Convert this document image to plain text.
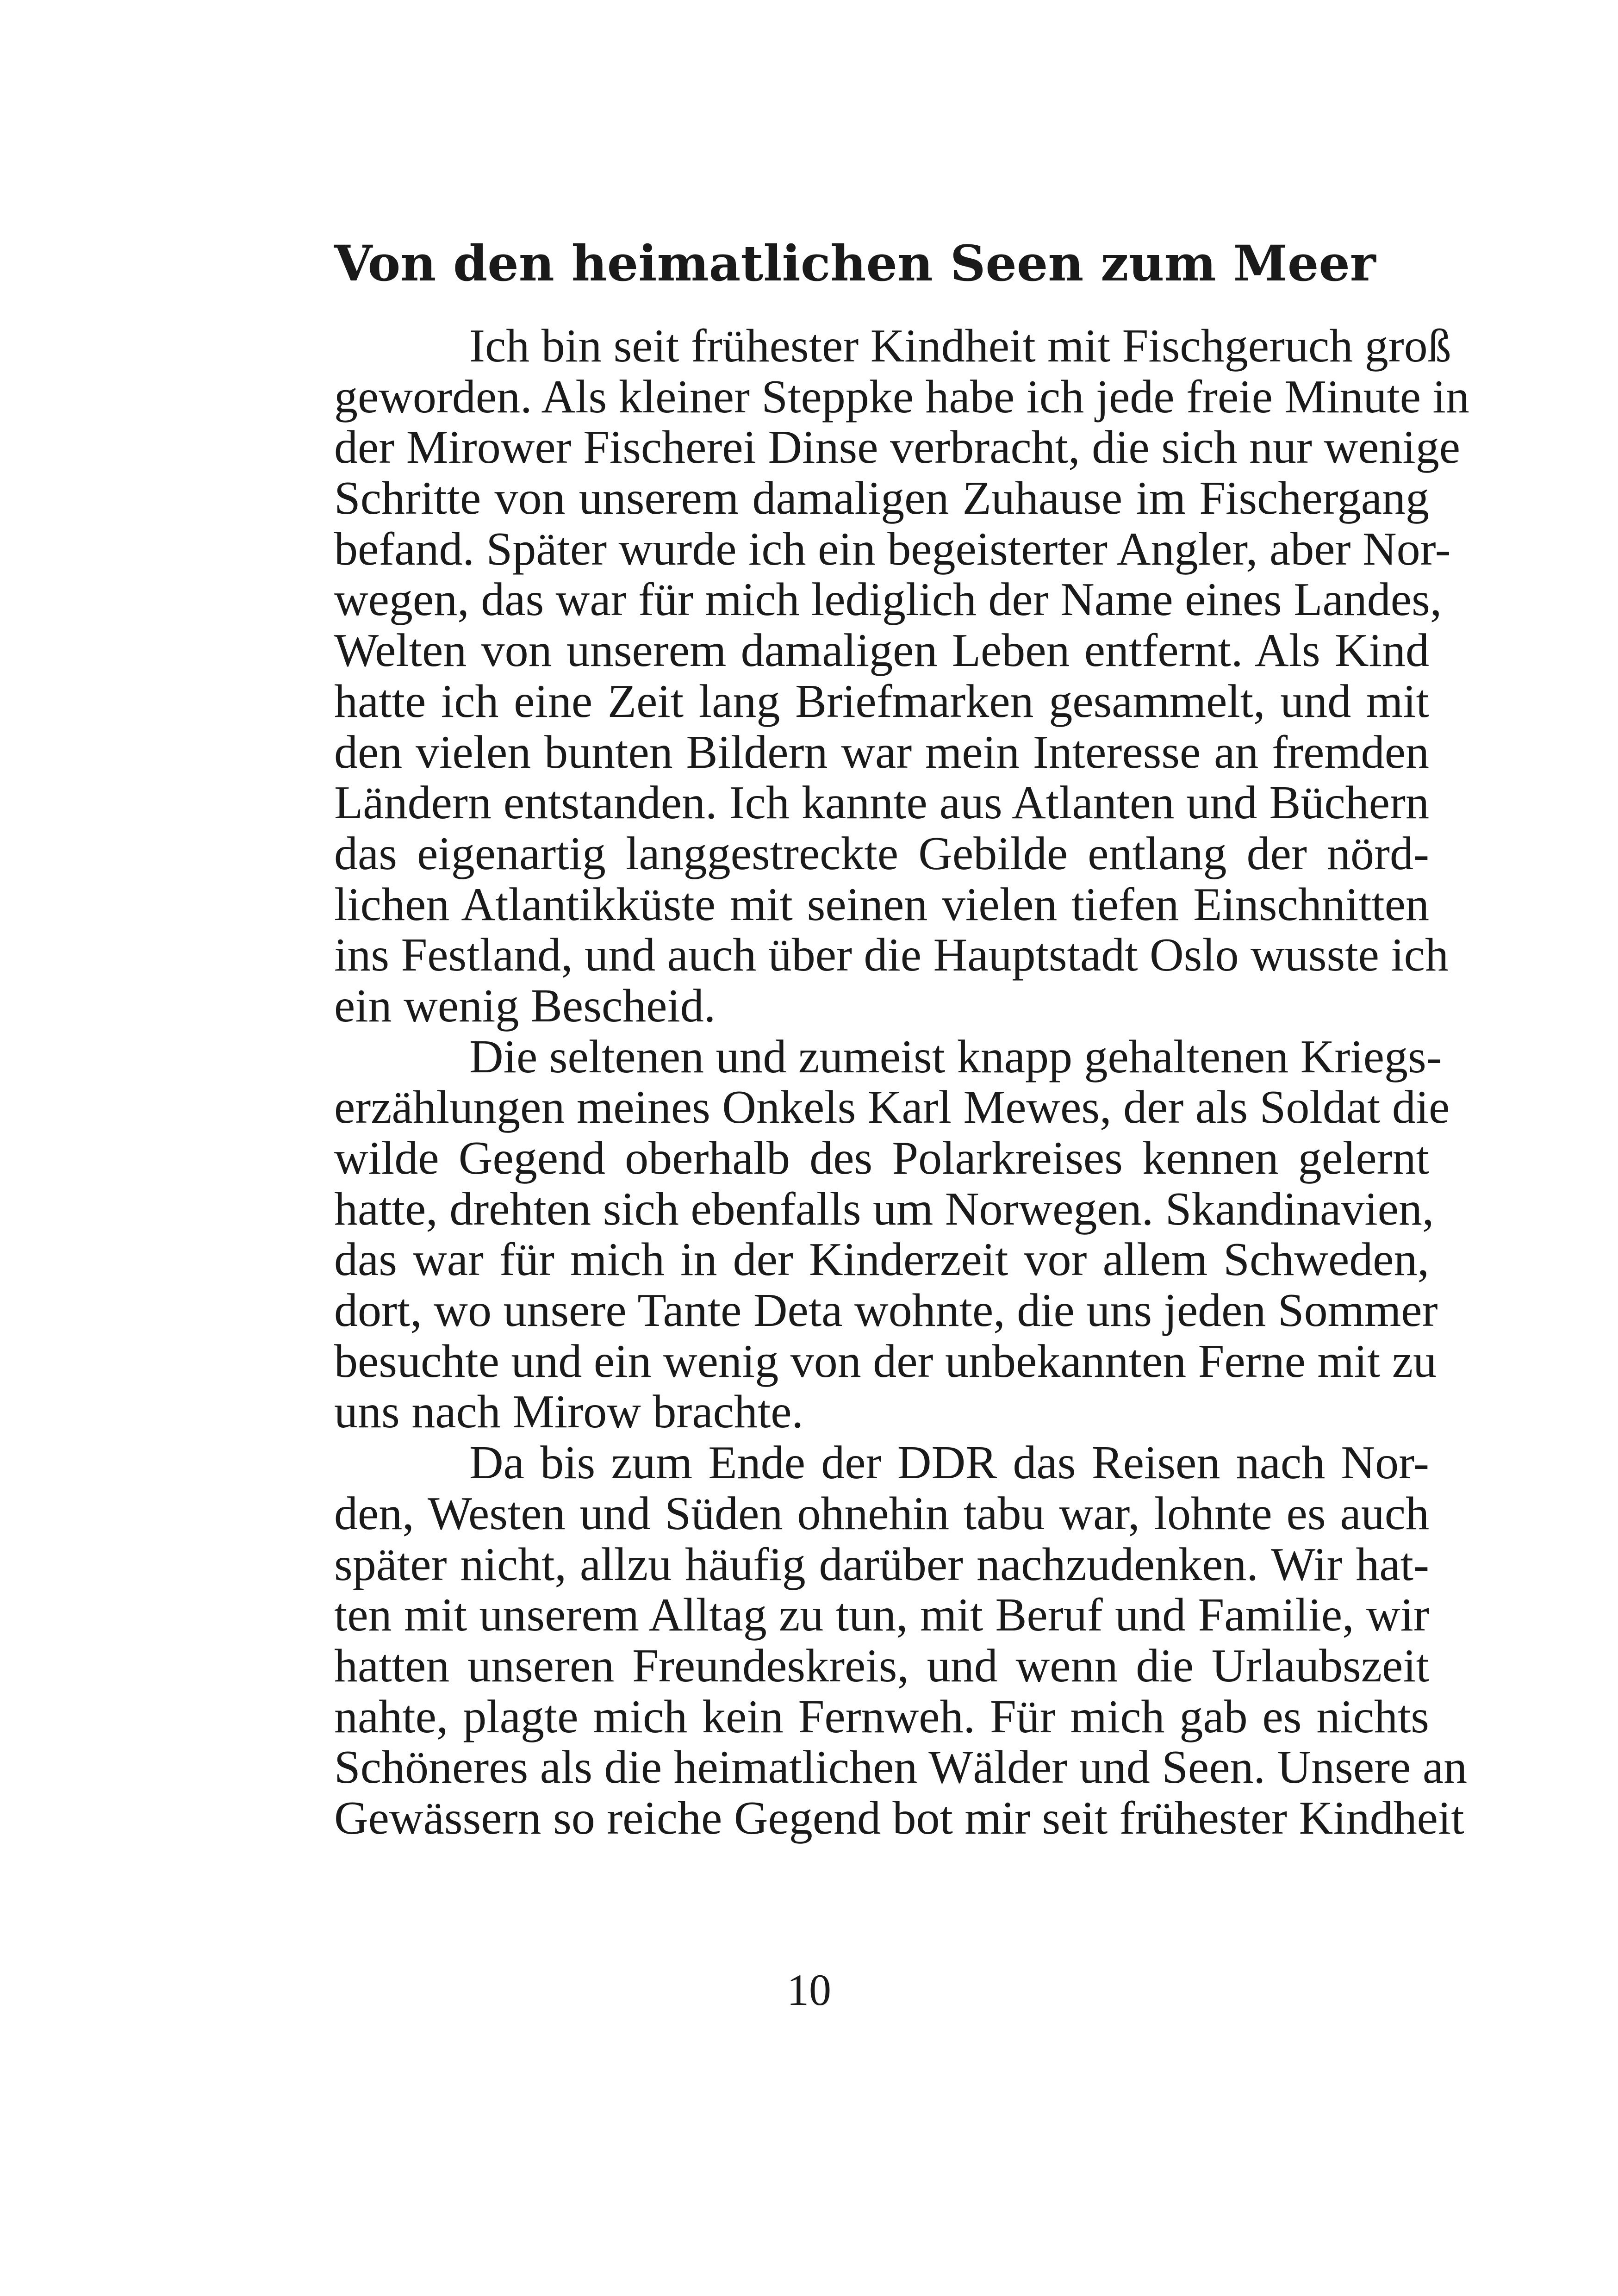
Von den heimatlichen Seen zum Meer
Ich bin seit frühester Kindheit mit Fischgeruch groß
geworden. Als kleiner Steppke habe ich jede freie Minute in
der Mirower Fischerei Dinse verbracht, die sich nur wenige
Schritte von unserem damaligen Zuhause im Fischergang
befand. Später wurde ich ein begeisterter Angler, aber Nor-
wegen, das war für mich lediglich der Name eines Landes,
Welten von unserem damaligen Leben entfernt. Als Kind
hatte ich eine Zeit lang Briefmarken gesammelt, und mit
den vielen bunten Bildern war mein Interesse an fremden
Ländern entstanden. Ich kannte aus Atlanten und Büchern
das eigenartig langgestreckte Gebilde entlang der nörd-
lichen Atlantikküste mit seinen vielen tiefen Einschnitten
ins Festland, und auch über die Hauptstadt Oslo wusste ich
ein wenig Bescheid.
Die seltenen und zumeist knapp gehaltenen Kriegs-
erzählungen meines Onkels Karl Mewes, der als Soldat die
wilde Gegend oberhalb des Polarkreises kennen gelernt
hatte, drehten sich ebenfalls um Norwegen. Skandinavien,
das war für mich in der Kinderzeit vor allem Schweden,
dort, wo unsere Tante Deta wohnte, die uns jeden Sommer
besuchte und ein wenig von der unbekannten Ferne mit zu
uns nach Mirow brachte.
Da bis zum Ende der DDR das Reisen nach Nor-
den, Westen und Süden ohnehin tabu war, lohnte es auch
später nicht, allzu häufig darüber nachzudenken. Wir hat-
ten mit unserem Alltag zu tun, mit Beruf und Familie, wir
hatten unseren Freundeskreis, und wenn die Urlaubszeit
nahte, plagte mich kein Fernweh. Für mich gab es nichts
Schöneres als die heimatlichen Wälder und Seen. Unsere an
Gewässern so reiche Gegend bot mir seit frühester Kindheit
10
